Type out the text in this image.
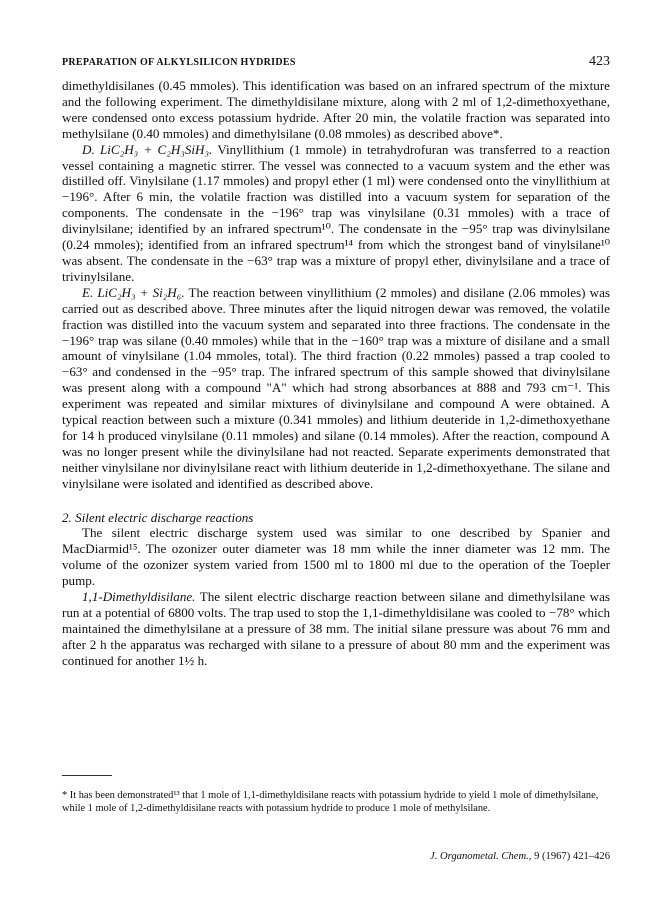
PREPARATION OF ALKYLSILICON HYDRIDES	423

dimethyldisilanes (0.45 mmoles). This identification was based on an infrared spectrum of the mixture and the following experiment. The dimethyldisilane mixture, along with 2 ml of 1,2-dimethoxyethane, were condensed onto excess potassium hydride. After 20 min, the volatile fraction was separated into methylsilane (0.40 mmoles) and dimethylsilane (0.08 mmoles) as described above*.

D. LiC₂H₃ + C₂H₃SiH₃. Vinyllithium (1 mmole) in tetrahydrofuran was transferred to a reaction vessel containing a magnetic stirrer. The vessel was connected to a vacuum system and the ether was distilled off. Vinylsilane (1.17 mmoles) and propyl ether (1 ml) were condensed onto the vinyllithium at −196°. After 6 min, the volatile fraction was distilled into a vacuum system for separation of the components. The condensate in the −196° trap was vinylsilane (0.31 mmoles) with a trace of divinylsilane; identified by an infrared spectrum¹⁰. The condensate in the −95° trap was divinylsilane (0.24 mmoles); identified from an infrared spectrum¹⁴ from which the strongest band of vinylsilane¹⁰ was absent. The condensate in the −63° trap was a mixture of propyl ether, divinylsilane and a trace of trivinylsilane.

E. LiC₂H₃ + Si₂H₆. The reaction between vinyllithium (2 mmoles) and disilane (2.06 mmoles) was carried out as described above. Three minutes after the liquid nitrogen dewar was removed, the volatile fraction was distilled into the vacuum system and separated into three fractions. The condensate in the −196° trap was silane (0.40 mmoles) while that in the −160° trap was a mixture of disilane and a small amount of vinylsilane (1.04 mmoles, total). The third fraction (0.22 mmoles) passed a trap cooled to −63° and condensed in the −95° trap. The infrared spectrum of this sample showed that divinylsilane was present along with a compound "A" which had strong absorbances at 888 and 793 cm⁻¹. This experiment was repeated and similar mixtures of divinylsilane and compound A were obtained. A typical reaction between such a mixture (0.341 mmoles) and lithium deuteride in 1,2-dimethoxyethane for 14 h produced vinylsilane (0.11 mmoles) and silane (0.14 mmoles). After the reaction, compound A was no longer present while the divinylsilane had not reacted. Separate experiments demonstrated that neither vinylsilane nor divinylsilane react with lithium deuteride in 1,2-dimethoxyethane. The silane and vinylsilane were isolated and identified as described above.

2. Silent electric discharge reactions

The silent electric discharge system used was similar to one described by Spanier and MacDiarmid¹⁵. The ozonizer outer diameter was 18 mm while the inner diameter was 12 mm. The volume of the ozonizer system varied from 1500 ml to 1800 ml due to the operation of the Toepler pump.

1,1-Dimethyldisilane. The silent electric discharge reaction between silane and dimethylsilane was run at a potential of 6800 volts. The trap used to stop the 1,1-dimethyldisilane was cooled to −78° which maintained the dimethylsilane at a pressure of 38 mm. The initial silane pressure was about 76 mm and after 2 h the apparatus was recharged with silane to a pressure of about 80 mm and the experiment was continued for another 1½ h.

* It has been demonstrated¹³ that 1 mole of 1,1-dimethyldisilane reacts with potassium hydride to yield 1 mole of dimethylsilane, while 1 mole of 1,2-dimethyldisilane reacts with potassium hydride to produce 1 mole of methylsilane.
J. Organometal. Chem., 9 (1967) 421–426
